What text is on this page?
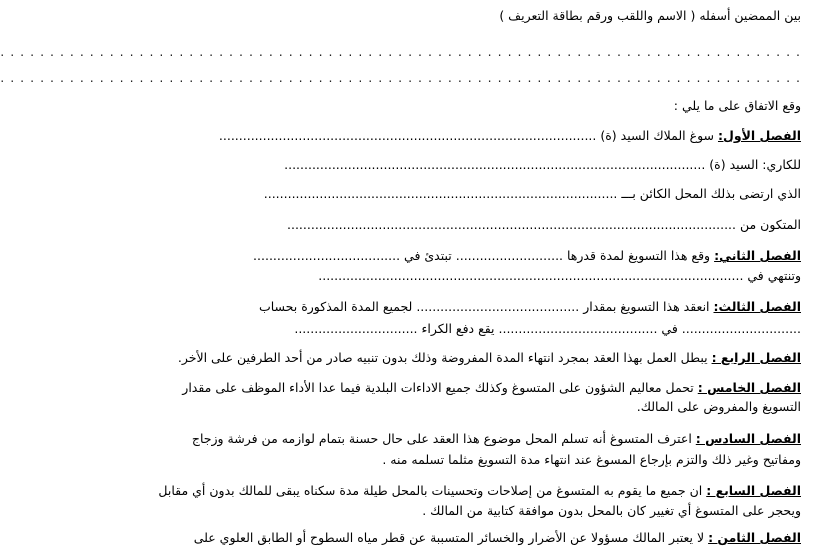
بين الممضين أسفله ( الاسم واللقب ورقم بطاقة التعريف )
. . . . . . . . . . . . . . . . . . . . . . . . . . . . . . . . . . . . . . . . . . . . . . . . . . . . . . . . . . . . . . . . . . . . . . . . . . . . . . . . .
. . . . . . . . . . . . . . . . . . . . . . . . . . . . . . . . . . . . . . . . . . . . . . . . . . . . . . . . . . . . . . . . . . . . . . . . . . . . . . . . .
وقع الاتفاق على ما يلي :
الفصل الأول: سوغ الملاك السيد (ة) ...............................................................................................
للكاري: السيد (ة) ..........................................................................................................
الذي ارتضى بذلك المحل الكائن بـــ .........................................................................................
المتكون من .................................................................................................................
الفصل الثاني: وقع هذا التسويغ لمدة قدرها ........................... تبتدئ في .....................................
وتنتهي في ...........................................................................................................
الفصل الثالث: انعقد هذا التسويغ بمقدار ......................................... لجميع المدة المذكورة بحساب
.............................. في ........................................ يقع دفع الكراء ...............................
الفصل الرابع : يبطل العمل بهذا العقد بمجرد انتهاء المدة المفروضة وذلك بدون تنبيه صادر من أحد الطرفين على الأخر.
الفصل الخامس : تحمل معاليم الشؤون على المتسوغ وكذلك جميع الاداءات البلدية فيما عدا الأداء الموظف على مقدار
التسويغ والمفروض على المالك.
الفصل السادس : اعترف المتسوغ أنه تسلم المحل موضوع هذا العقد على حال حسنة بتمام لوازمه من فرشة وزجاج
ومفاتيح وغير ذلك والتزم بإرجاع المسوغ عند انتهاء مدة التسويغ مثلما تسلمه منه .
الفصل السابع : ان جميع ما يقوم به المتسوغ من إصلاحات وتحسينات بالمحل طيلة مدة سكناه يبقى للمالك بدون أي مقابل
ويحجر على المتسوغ أي تغيير كان بالمحل بدون موافقة كتابية من المالك .
الفصل الثامن : لا يعتبر المالك مسؤولا عن الأضرار والخسائر المتسببة عن قطر مياه السطوح أو الطابق العلوي على
